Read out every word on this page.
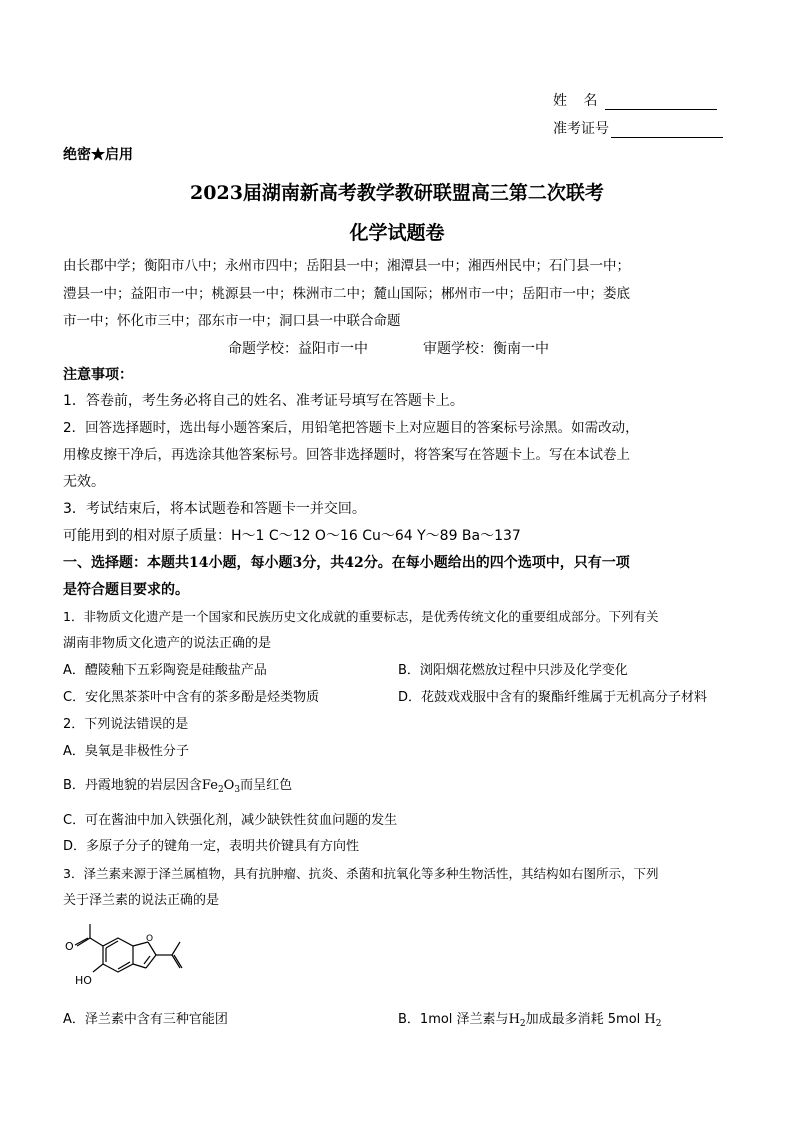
姓 名
准考证号
绝密★启用
2023届湖南新高考教学教研联盟高三第二次联考
化学试题卷
由长郡中学；衡阳市八中；永州市四中；岳阳县一中；湘潭县一中；湘西州民中；石门县一中；
澧县一中；益阳市一中；桃源县一中；株洲市二中；麓山国际；郴州市一中；岳阳市一中；娄底
市一中；怀化市三中；邵东市一中；洞口县一中联合命题
命题学校：益阳市一中	审题学校：衡南一中
注意事项：
1．答卷前，考生务必将自己的姓名、准考证号填写在答题卡上。
2．回答选择题时，选出每小题答案后，用铅笔把答题卡上对应题目的答案标号涂黑。如需改动，
用橡皮擦干净后，再选涂其他答案标号。回答非选择题时，将答案写在答题卡上。写在本试卷上
无效。
3．考试结束后，将本试题卷和答题卡一并交回。
可能用到的相对原子质量：H～1 C～12 O～16 Cu～64 Y～89 Ba～137
一、选择题：本题共14小题，每小题3分，共42分。在每小题给出的四个选项中，只有一项
是符合题目要求的。
1．非物质文化遗产是一个国家和民族历史文化成就的重要标志，是优秀传统文化的重要组成部分。下列有关
湖南非物质文化遗产的说法正确的是
A．醴陵釉下五彩陶瓷是硅酸盐产品	B．浏阳烟花燃放过程中只涉及化学变化
C．安化黑茶茶叶中含有的茶多酚是烃类物质	D．花鼓戏戏服中含有的聚酯纤维属于无机高分子材料
2．下列说法错误的是
A．臭氧是非极性分子
B．丹霞地貌的岩层因含$Fe_2O_3$而呈红色
C．可在酱油中加入铁强化剂，减少缺铁性贫血问题的发生
D．多原子分子的键角一定，表明共价键具有方向性
3．泽兰素来源于泽兰属植物，具有抗肿瘤、抗炎、杀菌和抗氧化等多种生物活性，其结构如右图所示，下列
关于泽兰素的说法正确的是
O
O
HO
A．泽兰素中含有三种官能团	B．1mol 泽兰素与$H_2$加成最多消耗 5mol $H_2$
